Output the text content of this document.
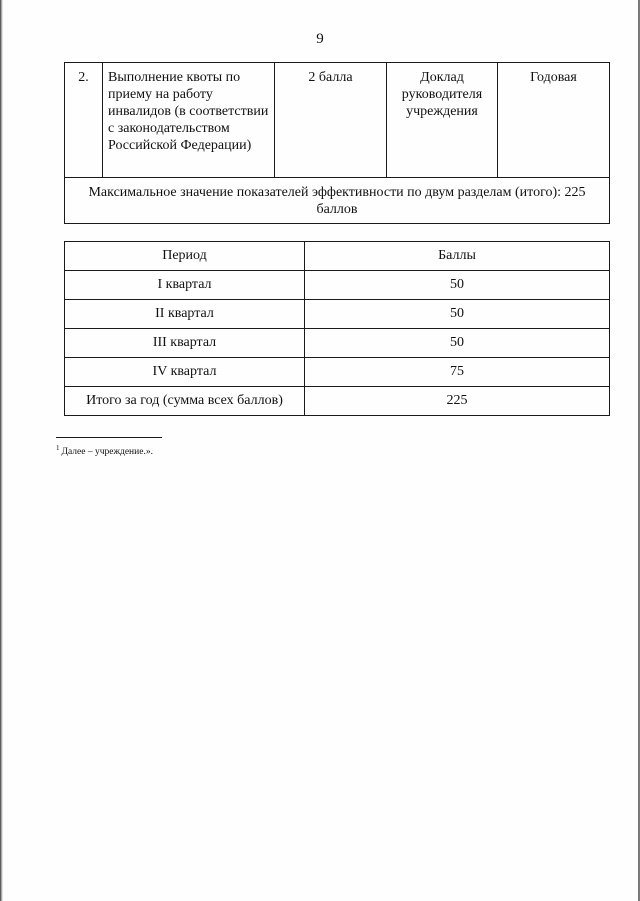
9
2.	Выполнение квоты по приему на работу инвалидов (в соответствии с законодательством Российской Федерации)	2 балла	Доклад руководителя учреждения	Годовая
Максимальное значение показателей эффективности по двум разделам (итого): 225 баллов
Период	Баллы
I квартал	50
II квартал	50
III квартал	50
IV квартал	75
Итого за год (сумма всех баллов)	225
$^1$ Далее – учреждение.».
